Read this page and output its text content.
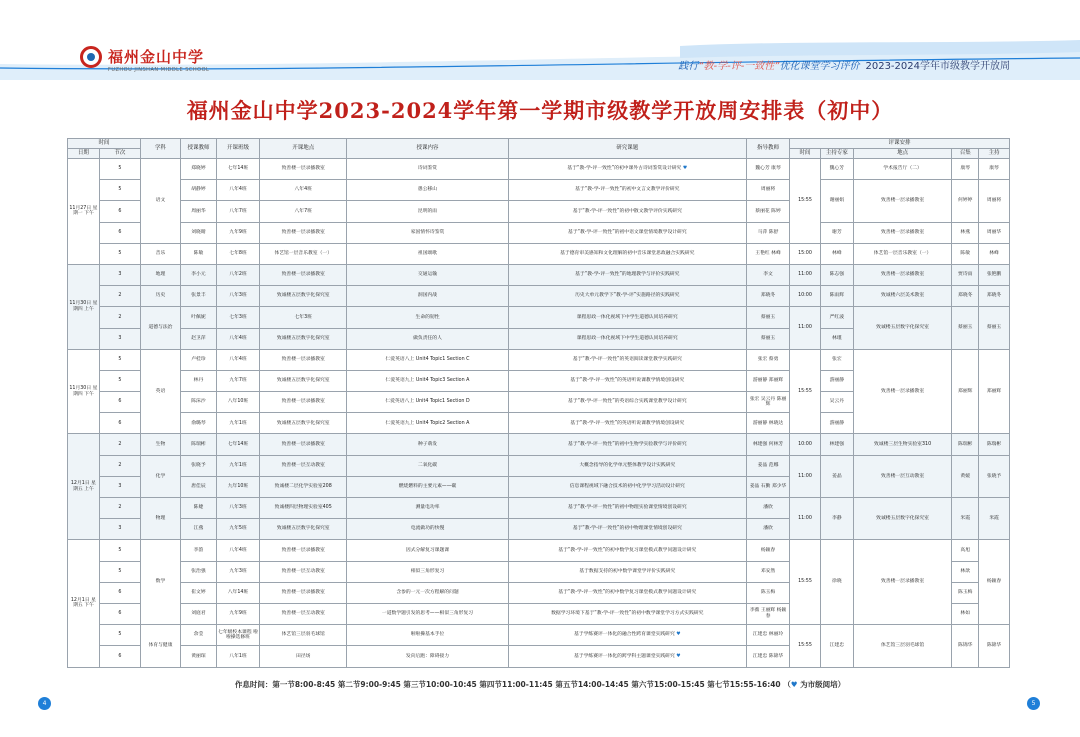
福州金山中学
FUZHOU JINSHAN MIDDLE SCHOOL	践行“教-学-评-一致性”优化课堂学习评价 2023-2024学年市级教学开放周
福州金山中学2023-2024学年第一学期市级教学开放周安排表（初中）
时间		学科	授课教师	开课班级	开课地点	授课内容	研究课题	指导教师	评课安排				
日期	节次								时间	主持专家	地点	召集	主持
11月27日 星期一 下午	5	语文	郑晓婷	七年14班	致善楼一层录播教室	诗词鉴赏	基于“教-学-评一致性”的初中课外古诗词鉴赏设计研究 ♥	魏心芳 康琴	15:55	魏心芳	学术报告厅（二）	康琴	康琴
	5		胡静婷	八年4班	八年4班	愚公移山	基于“教-学-评一致性”的初中文言文教学评价研究	周丽将		谢丽娟	致善楼一层录播教室	何婷婷	周丽将
	6		周丽华	八年7班	八年7班	昆明的雨	基于“教-学-评一致性”的初中散文教学评价实践研究	蔡丽花 陈婷					
	6		刘晓睛	九年9班	致善楼一层录播教室	家国情怀诗鉴赏	基于“教-学-评一致性”的初中语文课堂情境教学设计研究	马萍 陈舒		谢芳	致善楼一层录播教室	林燕	周丽华
	5	音乐	陈敏	七年8班	体艺馆一层音乐教室（一）	祖国颂歌	基于德育审美感知和文化理解的初中音乐课堂思政融合实践研究	王艳红 林峰	15:00	林峰	体艺馆一层音乐教室（一）	陈敏	林峰
11月30日 星期四 上午	3	地理	李小元	八年2班	致善楼一层录播教室	交通运输	基于“教-学-评一致性”的地理教学与评价实践研究	李文	11:00	陈志强	致善楼一层录播教室	贾诗雨	张艳鹏
	2	历史	张景丰	八年3班	致诚楼五层数字化探究室	洞国内战	历史大单元教学下“教-学-评”实施路径的实践研究	郑晓冬	10:00	陈雨辉	致诚楼六层美术教室	郑晓冬	郑晓冬
	2	道德与法治	叶佩妮	七年3班	七年3班	生命的韧性	课程思政一体化视域下中学生道德认同培养研究	蔡丽玉	11:00	严红波	致诚楼五层数字化探究室	蔡丽玉	蔡丽玉
	3		赵卫萍	八年4班	致诚楼五层数字化探究室	做负责任的人	课程思政一体化视域下中学生道德认同培养研究	蔡丽玉		林瑾			
11月30日 星期四 下午	5	英语	卢桂珍	八年4班	致善楼一层录播教室	仁爱英语八上 Unit4 Topic1 Section C	基于“教-学-评一致性”的英语阅读课堂教学实践研究	张宏 蔡勇	15:55	张宏	致善楼一层录播教室	郑丽辉	郑丽辉
	5		林丹	九年7班	致诚楼五层数字化探究室	仁爱英语九上 Unit4 Topic3 Section A	基于“教-学-评一致性”的英语听说课教学情境创设研究	游丽静 郑丽辉		游丽静			
	6		陈沫沙	八年10班	致善楼一层录播教室	仁爱英语八上 Unit4 Topic1 Section D	基于“教-学-评一致性”的英语综合实践课堂教学设计研究	张宏 吴云丹 陈丽辉		吴云丹			
	6		俞璐琴	九年1班	致诚楼五层数字化探究室	仁爱英语九上 Unit4 Topic2 Section A	基于“教-学-评一致性”的英语听说课教学情境创设研究	游丽静 林晓达		游丽静			
12月1日 星期五 上午	2	生物	陈瑞彬	七年14班	致善楼一层录播教室	种子萌发	基于“教-学-评一致性”的初中生物学实验教学与评价研究	林建强 何林芳	10:00	林建强	致诚楼三层生物实验室310	陈瑞彬	陈瑞彬
	2	化学	张晓予	九年1班	致善楼一层互动教室	二氧化碳	大概念指导的化学单元整体教学设计实践研究	姜晶 范娜	11:00	姜晶	致善楼一层互动教室	黄媛	张晓予
	3		唐佳辰	九年10班	致诚楼二层化学实验室208	燃烧燃料的主要元素——碳	信息课程视域下融合技术的初中化学学习活动设计研究	姜晶 石勤 郑少华					
	2	物理	陈婕	八年3班	致诚楼四层物理实验室405	测量电功率	基于“教-学-评一致性”的初中物理实验课堂情境创设研究	潘欣	11:00	李静	致诚楼五层数字化探究室	米霞	米霞
	3		江燕	九年5班	致诚楼五层数字化探究室	电流做功的快慢	基于“教-学-评一致性”的初中物理课堂情境创设研究	潘欣					
12月1日 星期五 下午	5	数学	李韵	八年4班	致善楼一层录播教室	因式分解复习课题课	基于“教-学-评一致性”的初中数学复习课堂模式教学问题设计研究	杨颖春	15:55	徐晓	致善楼一层录播教室	高旭	杨颖春
	5		张治强	九年3班	致善楼一层互动教室	相似三角形复习	基于数据支持的初中数学课堂学评价实践研究	邓安然				林歆	
	6		崔文婷	八年14班	致善楼一层录播教室	含参的一元一次方程解的问题	基于“教-学-评一致性”的初中数学复习课堂模式教学问题设计研究	陈玉梅				陈玉梅	
	6		刘庭君	九年9班	致善楼一层互动教室	一道数学题引发的思考——相似三角形复习	数据学习环境下基于“教-学-评一致性”的初中数学课堂学习方式实践研究	李薇 王丽辉 杨颖春				林如	
	5	体育与健康	余莹	七年级校本课程 啦啦操选修班	体艺馆三层羽毛球馆	啦啦操基本手位	基于学练赛评一体化的融合性跨育课堂实践研究 ♥	江建忠 林丽玲	15:55	江建忠	体艺馆三层羽毛球馆	陈锦华	陈锦华
	6		黄丽琛	八年1班	田径场	发向后跑：障碍接力	基于学练赛评一体化的跨学科主题课堂实践研究 ♥	江建忠 陈锦华					
作息时间：第一节8:00-8:45 第二节9:00-9:45 第三节10:00-10:45 第四节11:00-11:45 第五节14:00-14:45 第六节15:00-15:45 第七节15:55-16:40 （♥ 为市级阅培）
4	5
